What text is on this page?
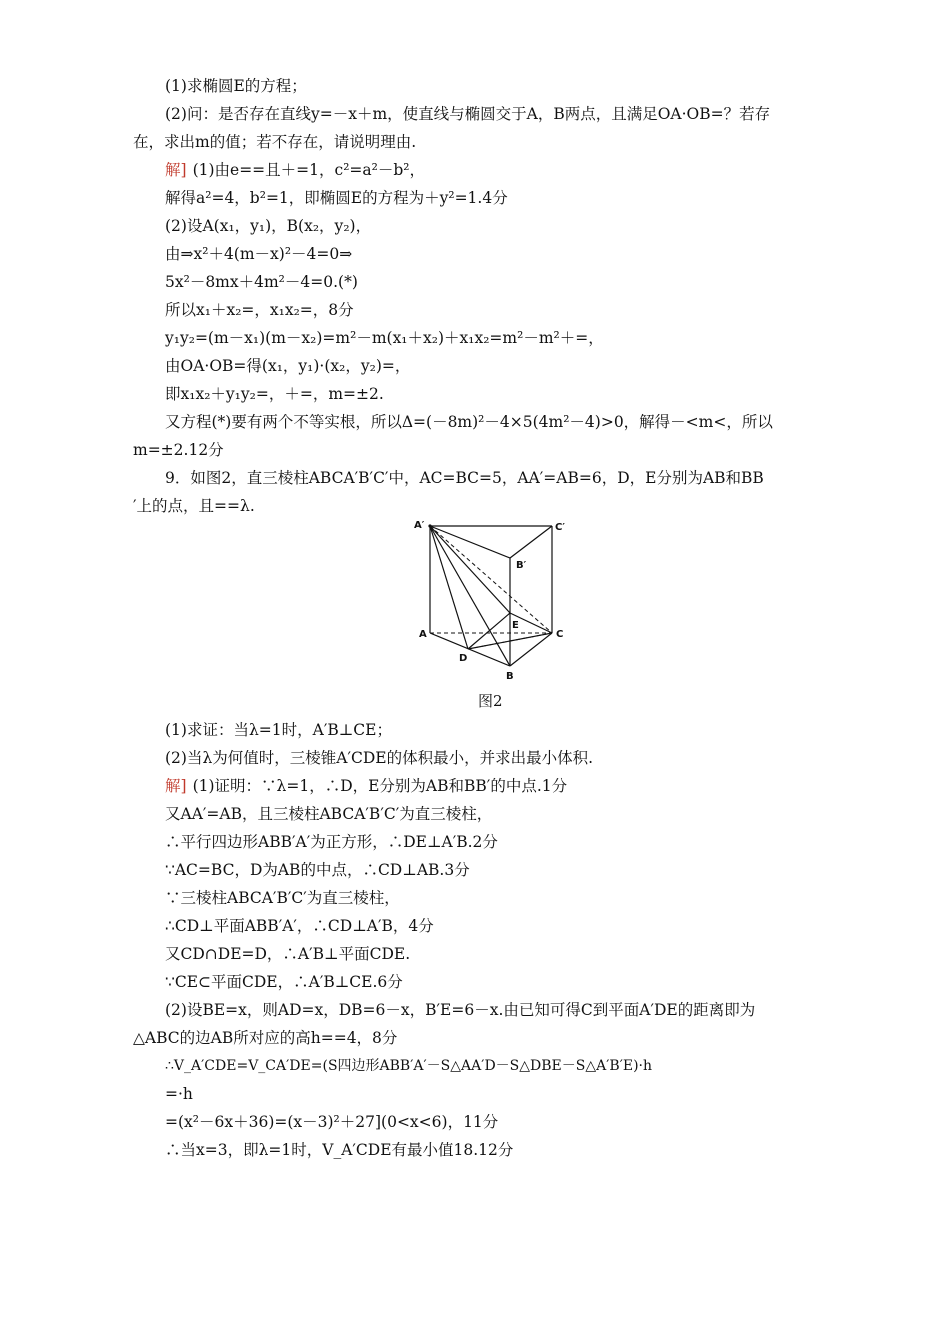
(1)求椭圆E的方程；
(2)问：是否存在直线y=－x＋m，使直线与椭圆交于A，B两点，且满足OA·OB=？若存
在，求出m的值；若不存在，请说明理由.
解] (1)由e==且＋=1，c²=a²－b²，
解得a²=4，b²=1，即椭圆E的方程为＋y²=1.4分
(2)设A(x₁，y₁)，B(x₂，y₂)，
由⇒x²＋4(m－x)²－4=0⇒
5x²－8mx＋4m²－4=0.(*)
所以x₁＋x₂=，x₁x₂=，8分
y₁y₂=(m－x₁)(m－x₂)=m²－m(x₁＋x₂)＋x₁x₂=m²－m²＋=，
由OA·OB=得(x₁，y₁)·(x₂，y₂)=，
即x₁x₂＋y₁y₂=，＋=，m=±2.
又方程(*)要有两个不等实根，所以Δ=(－8m)²－4×5(4m²－4)>0，解得－<m<，所以
m=±2.12分
9．如图2，直三棱柱ABCA′B′C′中，AC=BC=5，AA′=AB=6，D，E分别为AB和BB
′上的点，且==λ.
A′	C′
B′
A	C
B
D
E
图2
(1)求证：当λ=1时，A′B⊥CE；
(2)当λ为何值时，三棱锥A′CDE的体积最小，并求出最小体积.
解] (1)证明：∵λ=1，∴D，E分别为AB和BB′的中点.1分
又AA′=AB，且三棱柱ABCA′B′C′为直三棱柱，
∴平行四边形ABB′A′为正方形，∴DE⊥A′B.2分
∵AC=BC，D为AB的中点，∴CD⊥AB.3分
∵三棱柱ABCA′B′C′为直三棱柱，
∴CD⊥平面ABB′A′，∴CD⊥A′B，4分
又CD∩DE=D，∴A′B⊥平面CDE.
∵CE⊂平面CDE，∴A′B⊥CE.6分
(2)设BE=x，则AD=x，DB=6－x，B′E=6－x.由已知可得C到平面A′DE的距离即为
△ABC的边AB所对应的高h==4，8分
∴V_A′CDE=V_CA′DE=(S四边形ABB′A′－S△AA′D－S△DBE－S△A′B′E)·h
=·h
=(x²－6x＋36)=(x－3)²＋27](0<x<6)，11分
∴当x=3，即λ=1时，V_A′CDE有最小值18.12分
